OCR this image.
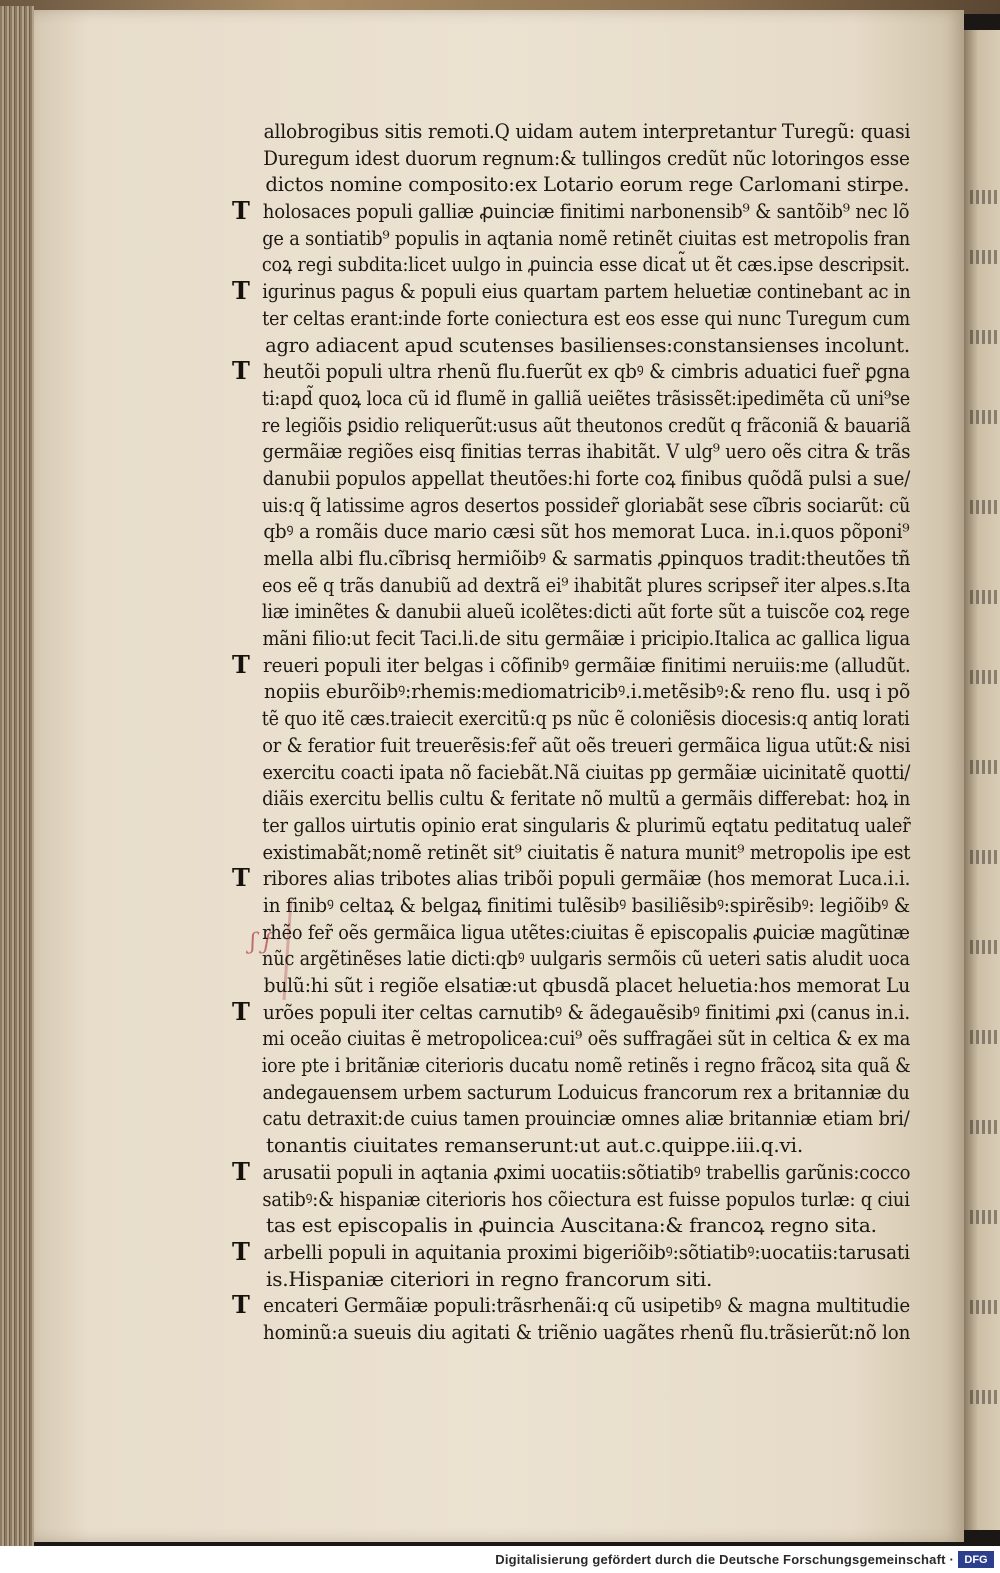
ʃ ƒ
allobrogibus sitis remoti.Q uidam autem interpretantur Turegũ: quasi
Duregum idest duorum regnum:& tullingos credũt nũc lotoringos esse
dictos nomine composito:ex Lotario eorum rege Carlomani stirpe.
T holosaces populi galliæ ꝓuinciæ finitimi narbonensib⁹ & santõib⁹ nec lõ
ge a sontiatib⁹ populis in aqtania nomẽ retinẽt ciuitas est metropolis fran
coꝝ regi subdita:licet uulgo in ꝓuincia esse dicat̃ ut ẽt cæs.ipse descripsit.
T igurinus pagus & populi eius quartam partem heluetiæ continebant ac in
ter celtas erant:inde forte coniectura est eos esse qui nunc Turegum cum
agro adiacent apud scutenses basilienses:constansienses incolunt.
T heutõi populi ultra rhenũ flu.fuerũt ex qbꝰ & cimbris aduatici fuer̃ ꝑgna
ti:apd̃ quoꝝ loca cũ id flumẽ in galliã ueiẽtes trãsissẽt:ipedimẽta cũ uni⁹se
re legiõis ꝑsidio reliquerũt:usus aũt theutonos credũt q frãconiã & bauariã
germãiæ regiões eisq finitias terras ihabitãt. V ulg⁹ uero oẽs citra & trãs
danubii populos appellat theutões:hi forte coꝝ finibus quõdã pulsi a sue/
uis:q q̃ latissime agros desertos possider̃ gloriabãt sese cĩbris sociarũt: cũ
qbꝰ a romãis duce mario cæsi sũt hos memorat Luca. in.i.quos põponi⁹
mella albi flu.cĩbrisq hermiõibꝰ & sarmatis ꝓpinquos tradit:theutões tñ
eos eẽ q trãs danubiũ ad dextrã ei⁹ ihabitãt plures scripser̃ iter alpes.s.Ita
liæ iminẽtes & danubii alueũ icolẽtes:dicti aũt forte sũt a tuiscõe coꝝ rege
mãni filio:ut fecit Taci.li.de situ germãiæ i pricipio.Italica ac gallica ligua
T reueri populi iter belgas i cõfinibꝰ germãiæ finitimi neruiis:me (alludũt.
nopiis eburõibꝰ:rhemis:mediomatricibꝰ.i.metẽsibꝰ:& reno flu. usq i põ
tẽ quo itẽ cæs.traiecit exercitũ:q ps nũc ẽ coloniẽsis diocesis:q antiq lorati
or & feratior fuit treuerẽsis:fer̃ aũt oẽs treueri germãica ligua utũt:& nisi
exercitu coacti ipata nõ faciebãt.Nã ciuitas pp germãiæ uicinitatẽ quotti/
diãis exercitu bellis cultu & feritate nõ multũ a germãis differebat: hoꝝ in
ter gallos uirtutis opinio erat singularis & plurimũ eqtatu peditatuq ualer̃
existimabãt;nomẽ retinẽt sit⁹ ciuitatis ẽ natura munit⁹ metropolis ipe est
T ribores alias tribotes alias tribõi populi germãiæ (hos memorat Luca.i.i.
in finibꝰ celtaꝝ & belgaꝝ finitimi tulẽsibꝰ basiliẽsibꝰ:spirẽsibꝰ: legiõibꝰ &
rhẽo fer̃ oẽs germãica ligua utẽtes:ciuitas ẽ episcopalis ꝓuiciæ magũtinæ
nũc argẽtinẽses latie dicti:qbꝰ uulgaris sermõis cũ ueteri satis aludit uoca
bulũ:hi sũt i regiõe elsatiæ:ut qbusdã placet heluetia:hos memorat Lu
T urões populi iter celtas carnutibꝰ & ãdegauẽsibꝰ finitimi ꝓxi (canus in.i.
mi oceão ciuitas ẽ metropolicea:cui⁹ oẽs suffragãei sũt in celtica & ex ma
iore pte i britãniæ citerioris ducatu nomẽ retinẽs i regno frãcoꝝ sita quã &
andegauensem urbem sacturum Loduicus francorum rex a britanniæ du
catu detraxit:de cuius tamen prouinciæ omnes aliæ britanniæ etiam bri/
tonantis ciuitates remanserunt:ut aut.c.quippe.iii.q.vi.
T arusatii populi in aqtania ꝓximi uocatiis:sõtiatibꝰ trabellis garũnis:cocco
satibꝰ:& hispaniæ citerioris hos cõiectura est fuisse populos turlæ: q ciui
tas est episcopalis in ꝓuincia Auscitana:& francoꝝ regno sita.
T arbelli populi in aquitania proximi bigeriõibꝰ:sõtiatibꝰ:uocatiis:tarusati
is.Hispaniæ citeriori in regno francorum siti.
T encateri Germãiæ populi:trãsrhenãi:q cũ usipetibꝰ & magna multitudie
hominũ:a sueuis diu agitati & triẽnio uagãtes rhenũ flu.trãsierũt:nõ lon
Digitalisierung gefördert durch die Deutsche Forschungsgemeinschaft · DFG
